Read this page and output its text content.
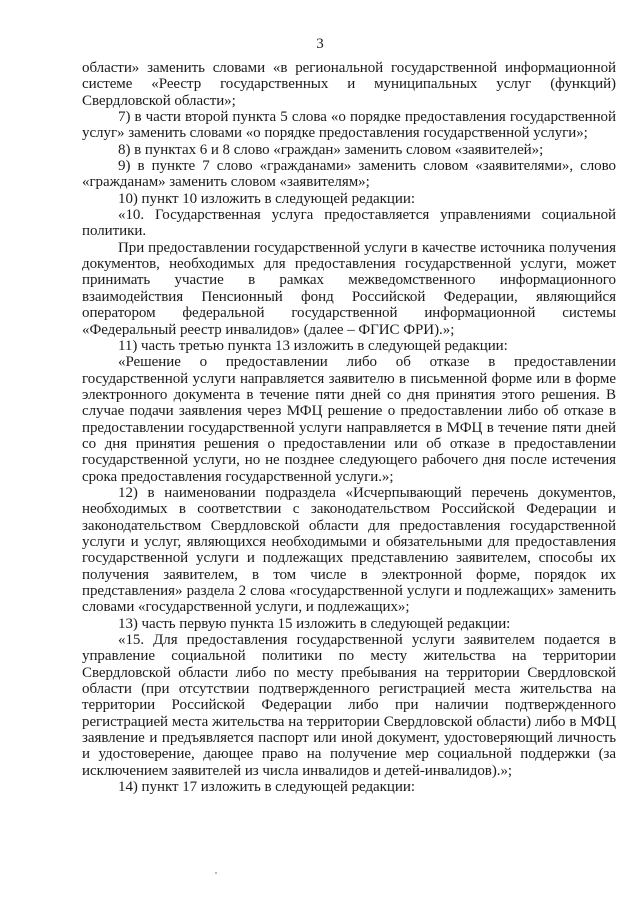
3

области» заменить словами «в региональной государственной информационной системе «Реестр государственных и муниципальных услуг (функций) Свердловской области»;

7) в части второй пункта 5 слова «о порядке предоставления государственной услуг» заменить словами «о порядке предоставления государственной услуги»;

8) в пунктах 6 и 8 слово «граждан» заменить словом «заявителей»;

9) в пункте 7 слово «гражданами» заменить словом «заявителями», слово «гражданам» заменить словом «заявителям»;

10) пункт 10 изложить в следующей редакции:

«10. Государственная услуга предоставляется управлениями социальной политики.

При предоставлении государственной услуги в качестве источника получения документов, необходимых для предоставления государственной услуги, может принимать участие в рамках межведомственного информационного взаимодействия Пенсионный фонд Российской Федерации, являющийся оператором федеральной государственной информационной системы «Федеральный реестр инвалидов» (далее – ФГИС ФРИ).»;

11) часть третью пункта 13 изложить в следующей редакции:

«Решение о предоставлении либо об отказе в предоставлении государственной услуги направляется заявителю в письменной форме или в форме электронного документа в течение пяти дней со дня принятия этого решения. В случае подачи заявления через МФЦ решение о предоставлении либо об отказе в предоставлении государственной услуги направляется в МФЦ в течение пяти дней со дня принятия решения о предоставлении или об отказе в предоставлении государственной услуги, но не позднее следующего рабочего дня после истечения срока предоставления государственной услуги.»;

12) в наименовании подраздела «Исчерпывающий перечень документов, необходимых в соответствии с законодательством Российской Федерации и законодательством Свердловской области для предоставления государственной услуги и услуг, являющихся необходимыми и обязательными для предоставления государственной услуги и подлежащих представлению заявителем, способы их получения заявителем, в том числе в электронной форме, порядок их представления» раздела 2 слова «государственной услуги и подлежащих» заменить словами «государственной услуги, и подлежащих»;

13) часть первую пункта 15 изложить в следующей редакции:

«15. Для предоставления государственной услуги заявителем подается в управление социальной политики по месту жительства на территории Свердловской области либо по месту пребывания на территории Свердловской области (при отсутствии подтвержденного регистрацией места жительства на территории Российской Федерации либо при наличии подтвержденного регистрацией места жительства на территории Свердловской области) либо в МФЦ заявление и предъявляется паспорт или иной документ, удостоверяющий личность и удостоверение, дающее право на получение мер социальной поддержки (за исключением заявителей из числа инвалидов и детей-инвалидов).»;

14) пункт 17 изложить в следующей редакции:
